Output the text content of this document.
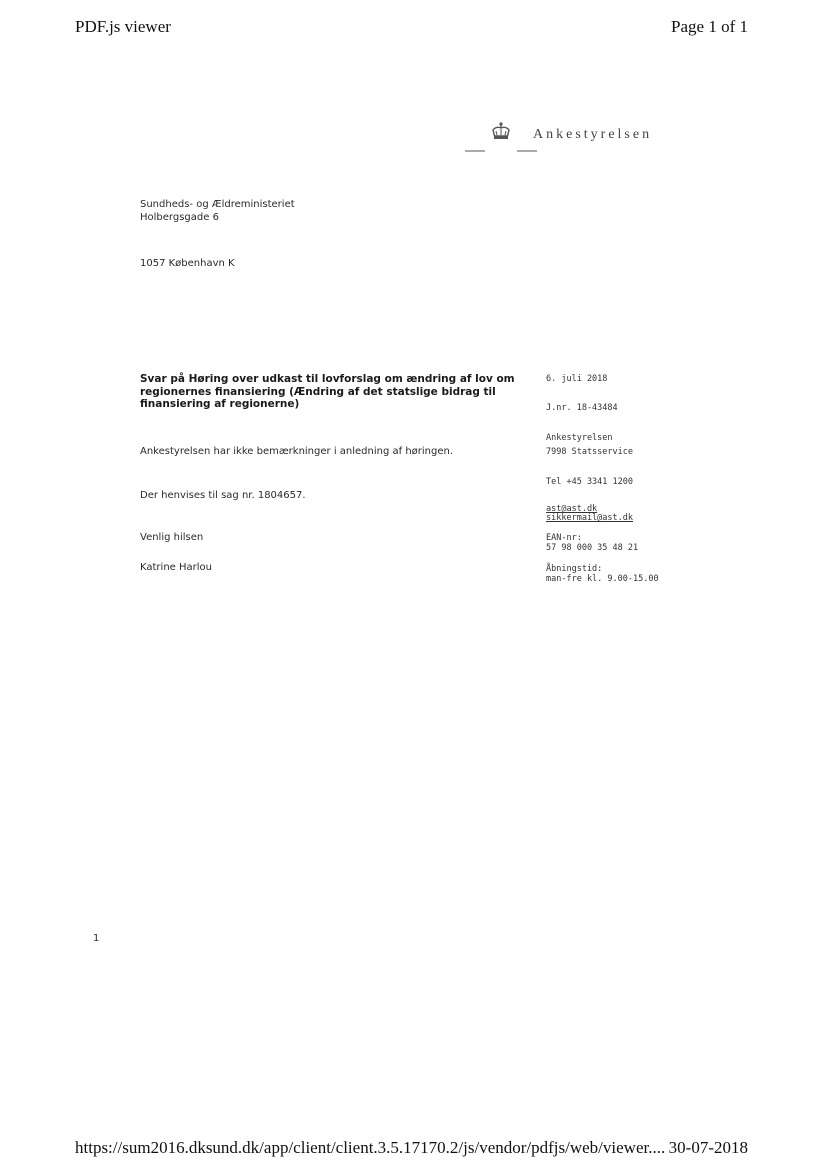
PDF.js viewer	Page 1 of 1
Ankestyrelsen
Sundheds- og Ældreministeriet
Holbergsgade 6
1057 København K
Svar på Høring over udkast til lovforslag om ændring af lov om regionernes finansiering (Ændring af det statslige bidrag til finansiering af regionerne)
Ankestyrelsen har ikke bemærkninger i anledning af høringen.
Der henvises til sag nr. 1804657.
Venlig hilsen
Katrine Harlou
6. juli 2018
J.nr. 18-43484
Ankestyrelsen
7998 Statsservice
Tel +45 3341 1200
ast@ast.dk
sikkermail@ast.dk
EAN-nr:
57 98 000 35 48 21
Åbningstid:
man-fre kl. 9.00-15.00
1
https://sum2016.dksund.dk/app/client/client.3.5.17170.2/js/vendor/pdfjs/web/viewer.... 30-07-2018
